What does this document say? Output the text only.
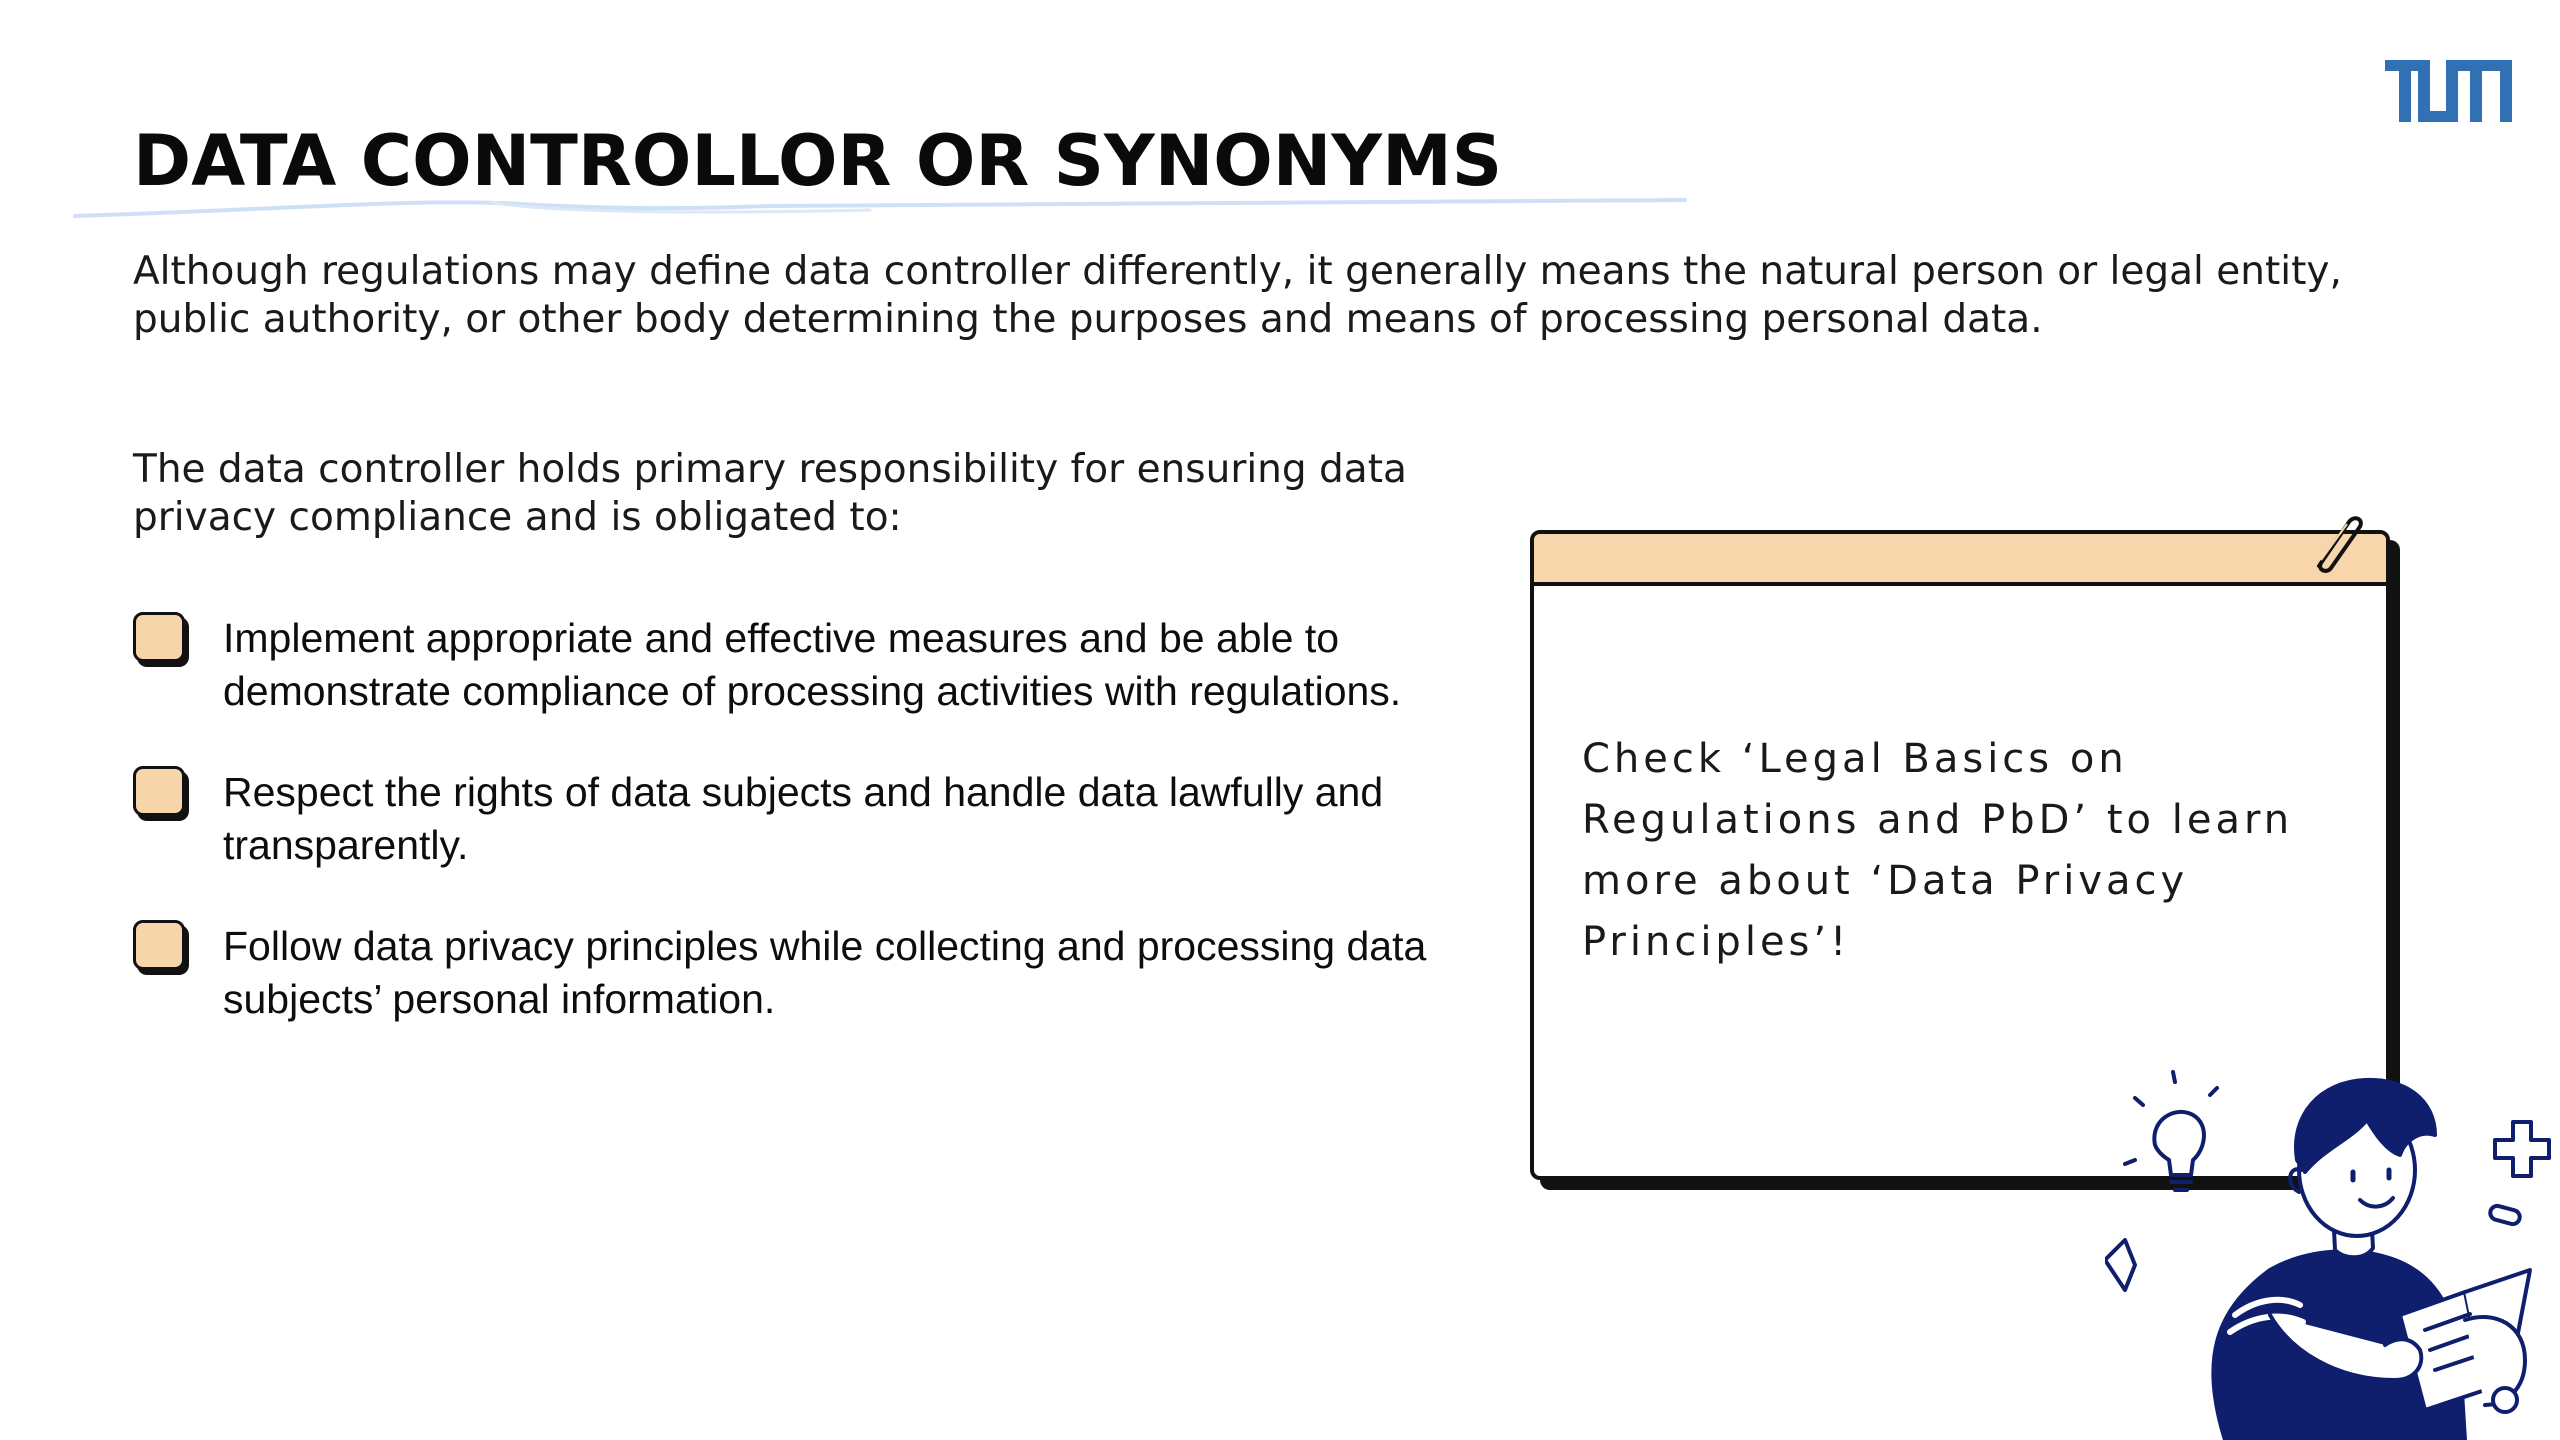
DATA CONTROLLOR OR SYNONYMS

Although regulations may define data controller differently, it generally means the natural person or legal entity, public authority, or other body determining the purposes and means of processing personal data.

The data controller holds primary responsibility for ensuring data privacy compliance and is obligated to:

Implement appropriate and effective measures and be able to demonstrate compliance of processing activities with regulations.
Respect the rights of data subjects and handle data lawfully and transparently.
Follow data privacy principles while collecting and processing data subjects’ personal information.

Check ‘Legal Basics on Regulations and PbD’ to learn more about ‘Data Privacy Principles’!
